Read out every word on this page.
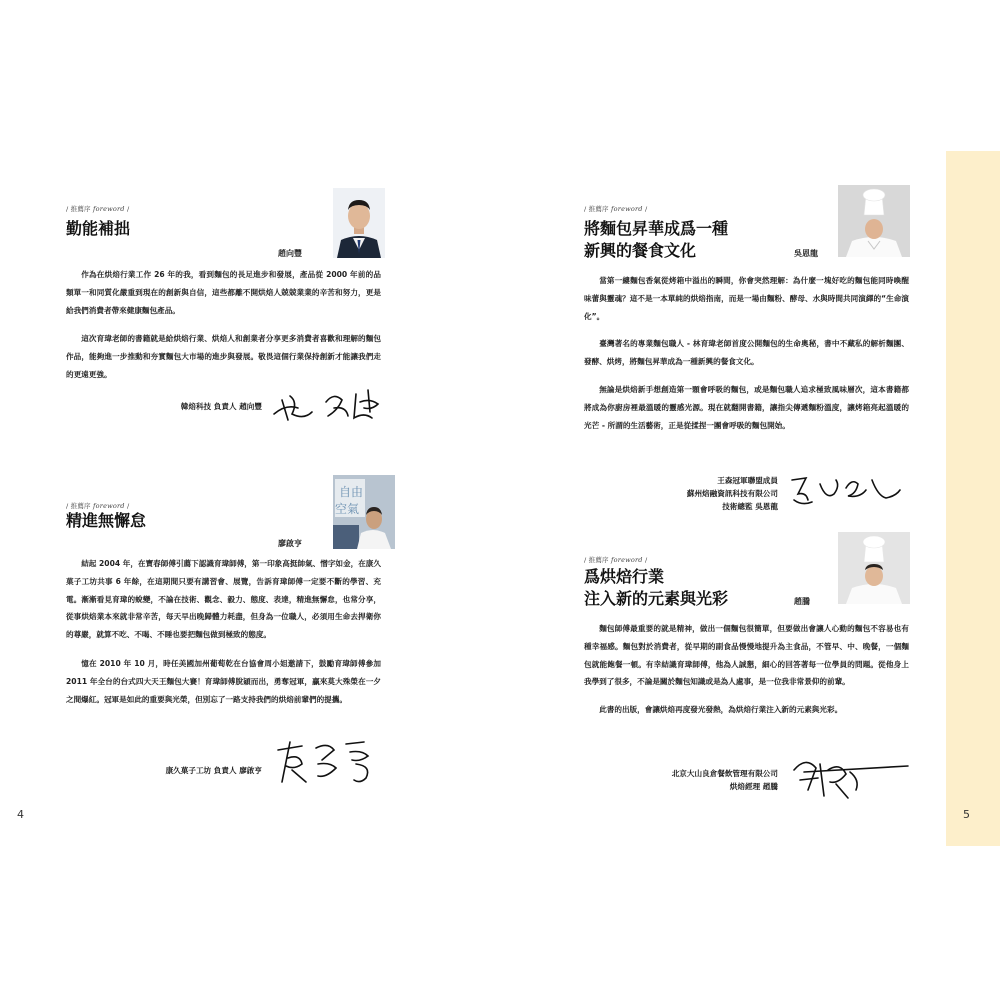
4	5
/ 推薦序 foreword /
勤能補拙
趙向豐

作為在烘焙行業工作 26 年的我，看到麵包的長足進步和發展，產品從 2000 年前的品類單一和同質化嚴重到現在的創新與自信，這些都離不開烘焙人兢兢業業的辛苦和努力，更是給我們消費者帶來健康麵包產品。

這次育瑋老師的書籍就是給烘焙行業、烘焙人和創業者分享更多消費者喜歡和理解的麵包作品，能夠進一步推動和夯實麵包大市場的進步與發展。敬畏這個行業保持創新才能讓我們走的更遠更強。

韓焙科技 負責人 趙向豐
/ 推薦序 foreword /
精進無懈怠
廖啟亨
自由
空氣

結起 2004 年，在寶春師傅引薦下認識育瑋師傅，第一印象高挺帥氣、憎字如金，在康久菓子工坊共事 6 年餘，在這期間只要有講習會、展覽，告訴育瑋師傅一定要不斷的學習、充電。漸漸看見育瑋的蛻變，不論在技術、觀念、毅力、態度、表達，精進無懈怠，也常分享，從事烘焙業本來就非常辛苦，每天早出晚歸體力耗盡，但身為一位職人，必須用生命去捍衛你的尊嚴，就算不吃、不喝、不睡也要把麵包做到極致的態度。

憶在 2010 年 10 月，時任美國加州葡萄乾在台協會周小姐邀請下，鼓勵育瑋師傅參加 2011 年全台的台式四大天王麵包大賽！育瑋師傅脫穎而出，勇奪冠軍，贏來莫大殊榮在一夕之間爆紅。冠軍是如此的重要與光榮，但別忘了一路支持我們的烘焙前輩們的提攜。

康久菓子工坊 負責人 廖啟亨
/ 推薦序 foreword /
將麵包昇華成爲一種
新興的餐食文化	吳恩龍

當第一縷麵包香氣從烤箱中溢出的瞬間，你會突然理解：為什麼一塊好吃的麵包能同時喚醒味蕾與靈魂？這不是一本單純的烘焙指南，而是一場由麵粉、酵母、水與時間共同演繹的“生命演化”。

臺灣著名的專業麵包職人 - 林育瑋老師首度公開麵包的生命奧秘，書中不藏私的解析麵團、發酵、烘烤，將麵包昇華成為一種新興的餐食文化。

無論是烘焙新手想創造第一顆會呼吸的麵包，或是麵包職人追求極致風味層次，這本書籍都將成為你廚房裡最溫暖的靈感光源。現在就翻開書籍，讓指尖傳遞麵粉溫度，讓烤箱亮起溫暖的光芒 - 所謂的生活藝術，正是從揉捏一團會呼吸的麵包開始。

王森冠軍聯盟成員
蘇州焙融資訊科技有限公司
技術總監 吳恩龍
/ 推薦序 foreword /
爲烘焙行業
注入新的元素與光彩	趙騰

麵包師傅最重要的就是精神，做出一個麵包很簡單，但要做出會讓人心動的麵包不容易也有種幸福感。麵包對於消費者，從早期的副食品慢慢地提升為主食品，不管早、中、晚餐，一個麵包就能飽餐一頓。有幸結識育瑋師傅，他為人誠懇，細心的回答著每一位學員的問題。從他身上我學到了很多，不論是關於麵包知識或是為人處事，是一位我非常景仰的前輩。

此書的出版，會讓烘焙再度發光發熱，為烘焙行業注入新的元素與光彩。

北京大山良倉餐飲管理有限公司
烘焙經理 趙騰
